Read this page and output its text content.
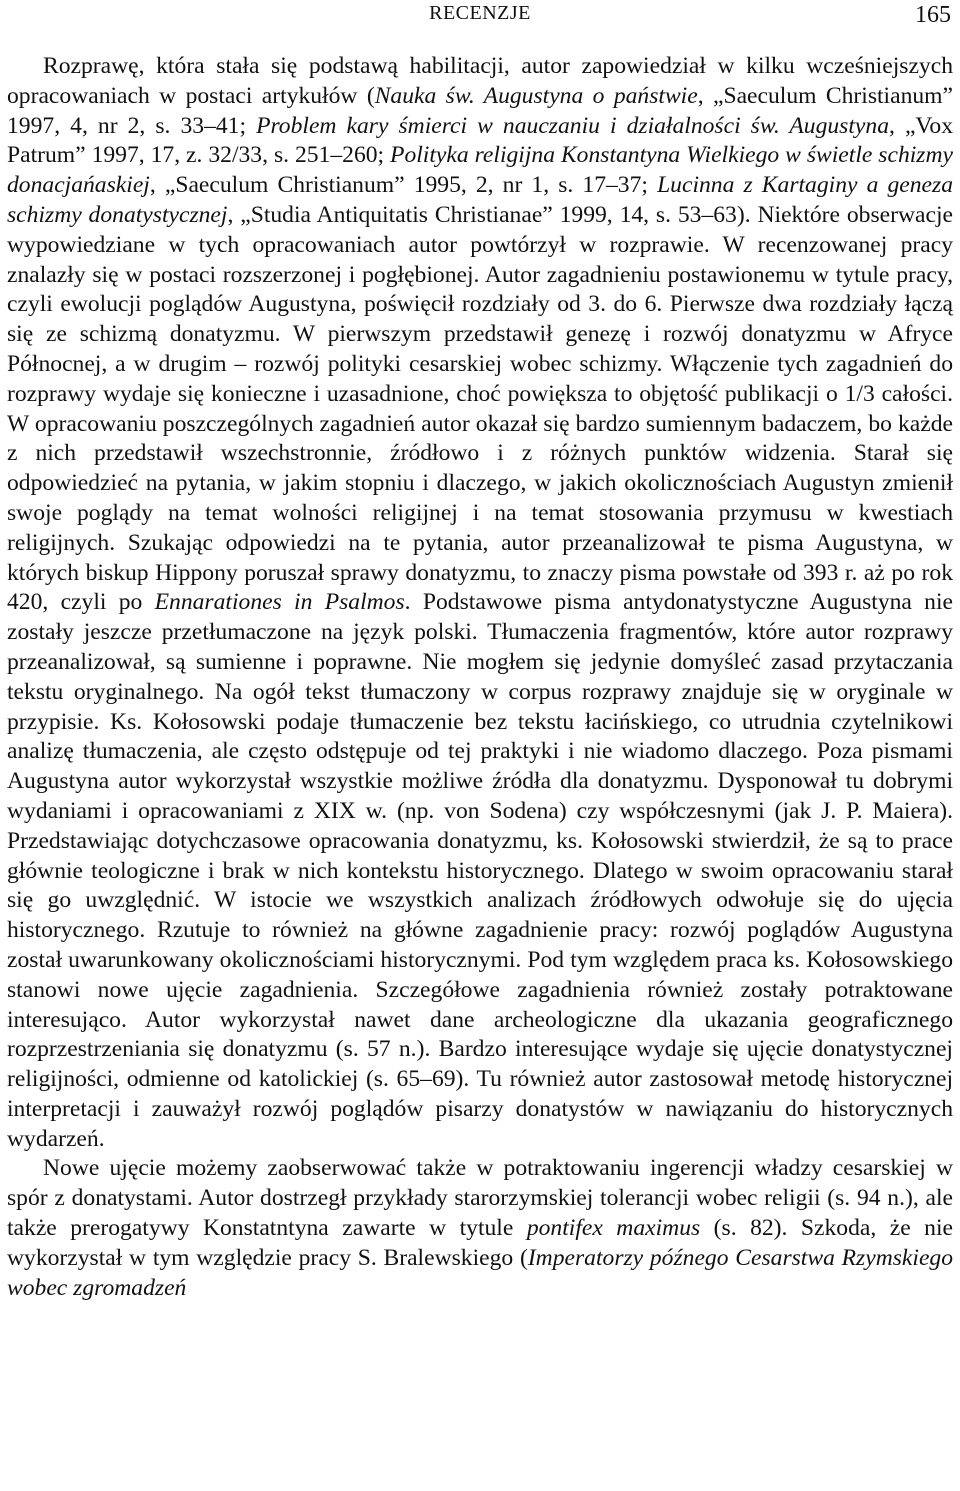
RECENZJE	165

Rozprawę, która stała się podstawą habilitacji, autor zapowiedział w kilku wcześniejszych opracowaniach w postaci artykułów (Nauka św. Augustyna o państwie, „Saeculum Christianum” 1997, 4, nr 2, s. 33–41; Problem kary śmierci w nauczaniu i działalności św. Augustyna, „Vox Patrum” 1997, 17, z. 32/33, s. 251–260; Polityka religijna Konstantyna Wielkiego w świetle schizmy donacjańaskiej, „Saeculum Christianum” 1995, 2, nr 1, s. 17–37; Lucinna z Kartaginy a geneza schizmy donatystycznej, „Studia Antiquitatis Christianae” 1999, 14, s. 53–63). Niektóre obserwacje wypowiedziane w tych opracowaniach autor powtórzył w rozprawie. W recenzowanej pracy znalazły się w postaci rozszerzonej i pogłębionej. Autor zagadnieniu postawionemu w tytule pracy, czyli ewolucji poglądów Augustyna, poświęcił rozdziały od 3. do 6. Pierwsze dwa rozdziały łączą się ze schizmą donatyzmu. W pierwszym przedstawił genezę i rozwój donatyzmu w Afryce Północnej, a w drugim – rozwój polityki cesarskiej wobec schizmy. Włączenie tych zagadnień do rozprawy wydaje się konieczne i uzasadnione, choć powiększa to objętość publikacji o 1/3 całości. W opracowaniu poszczególnych zagadnień autor okazał się bardzo sumiennym badaczem, bo każde z nich przedstawił wszechstronnie, źródłowo i z różnych punktów widzenia. Starał się odpowiedzieć na pytania, w jakim stopniu i dlaczego, w jakich okolicznościach Augustyn zmienił swoje poglądy na temat wolności religijnej i na temat stosowania przymusu w kwestiach religijnych. Szukając odpowiedzi na te pytania, autor przeanalizował te pisma Augustyna, w których biskup Hippony poruszał sprawy donatyzmu, to znaczy pisma powstałe od 393 r. aż po rok 420, czyli po Ennarationes in Psalmos. Podstawowe pisma antydonatystyczne Augustyna nie zostały jeszcze przetłumaczone na język polski. Tłumaczenia fragmentów, które autor rozprawy przeanalizował, są sumienne i poprawne. Nie mogłem się jedynie domyśleć zasad przytaczania tekstu oryginalnego. Na ogół tekst tłumaczony w corpus rozprawy znajduje się w oryginale w przypisie. Ks. Kołosowski podaje tłumaczenie bez tekstu łacińskiego, co utrudnia czytelnikowi analizę tłumaczenia, ale często odstępuje od tej praktyki i nie wiadomo dlaczego. Poza pismami Augustyna autor wykorzystał wszystkie możliwe źródła dla donatyzmu. Dysponował tu dobrymi wydaniami i opracowaniami z XIX w. (np. von Sodena) czy współczesnymi (jak J. P. Maiera). Przedstawiając dotychczasowe opracowania donatyzmu, ks. Kołosowski stwierdził, że są to prace głównie teologiczne i brak w nich kontekstu historycznego. Dlatego w swoim opracowaniu starał się go uwzględnić. W istocie we wszystkich analizach źródłowych odwołuje się do ujęcia historycznego. Rzutuje to również na główne zagadnienie pracy: rozwój poglądów Augustyna został uwarunkowany okolicznościami historycznymi. Pod tym względem praca ks. Kołosowskiego stanowi nowe ujęcie zagadnienia. Szczegółowe zagadnienia również zostały potraktowane interesująco. Autor wykorzystał nawet dane archeologiczne dla ukazania geograficznego rozprzestrzeniania się donatyzmu (s. 57 n.). Bardzo interesujące wydaje się ujęcie donatystycznej religijności, odmienne od katolickiej (s. 65–69). Tu również autor zastosował metodę historycznej interpretacji i zauważył rozwój poglądów pisarzy donatystów w nawiązaniu do historycznych wydarzeń.

Nowe ujęcie możemy zaobserwować także w potraktowaniu ingerencji władzy cesarskiej w spór z donatystami. Autor dostrzegł przykłady starorzymskiej tolerancji wobec religii (s. 94 n.), ale także prerogatywy Konstatntyna zawarte w tytule pontifex maximus (s. 82). Szkoda, że nie wykorzystał w tym względzie pracy S. Bralewskiego (Imperatorzy późnego Cesarstwa Rzymskiego wobec zgromadzeń
